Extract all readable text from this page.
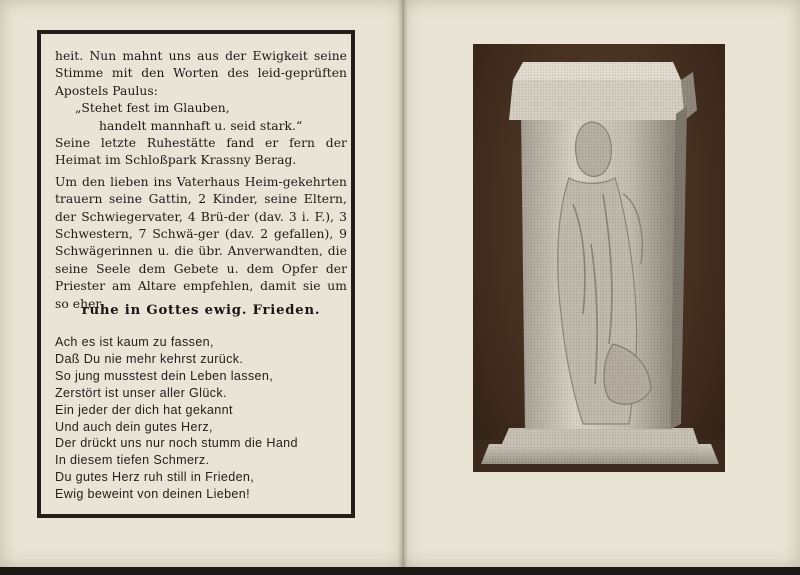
heit. Nun mahnt uns aus der Ewigkeit seine Stimme mit den Worten des leid-geprüften Apostels Paulus:

„Stehet fest im Glauben,

handelt mannhaft u. seid stark.“

Seine letzte Ruhestätte fand er fern der Heimat im Schloßpark Krassny Berag.

Um den lieben ins Vaterhaus Heim-gekehrten trauern seine Gattin, 2 Kinder, seine Eltern, der Schwiegervater, 4 Brü-der (dav. 3 i. F.), 3 Schwestern, 7 Schwä-ger (dav. 2 gefallen), 9 Schwägerinnen u. die übr. Anverwandten, die seine Seele dem Gebete u. dem Opfer der Priester am Altare empfehlen, damit sie um so eher

ruhe in Gottes ewig. Frieden.
Ach es ist kaum zu fassen,
Daß Du nie mehr kehrst zurück.
So jung musstest dein Leben lassen,
Zerstört ist unser aller Glück.
Ein jeder der dich hat gekannt
Und auch dein gutes Herz,
Der drückt uns nur noch stumm die Hand
In diesem tiefen Schmerz.
Du gutes Herz ruh still in Frieden,
Ewig beweint von deinen Lieben!
